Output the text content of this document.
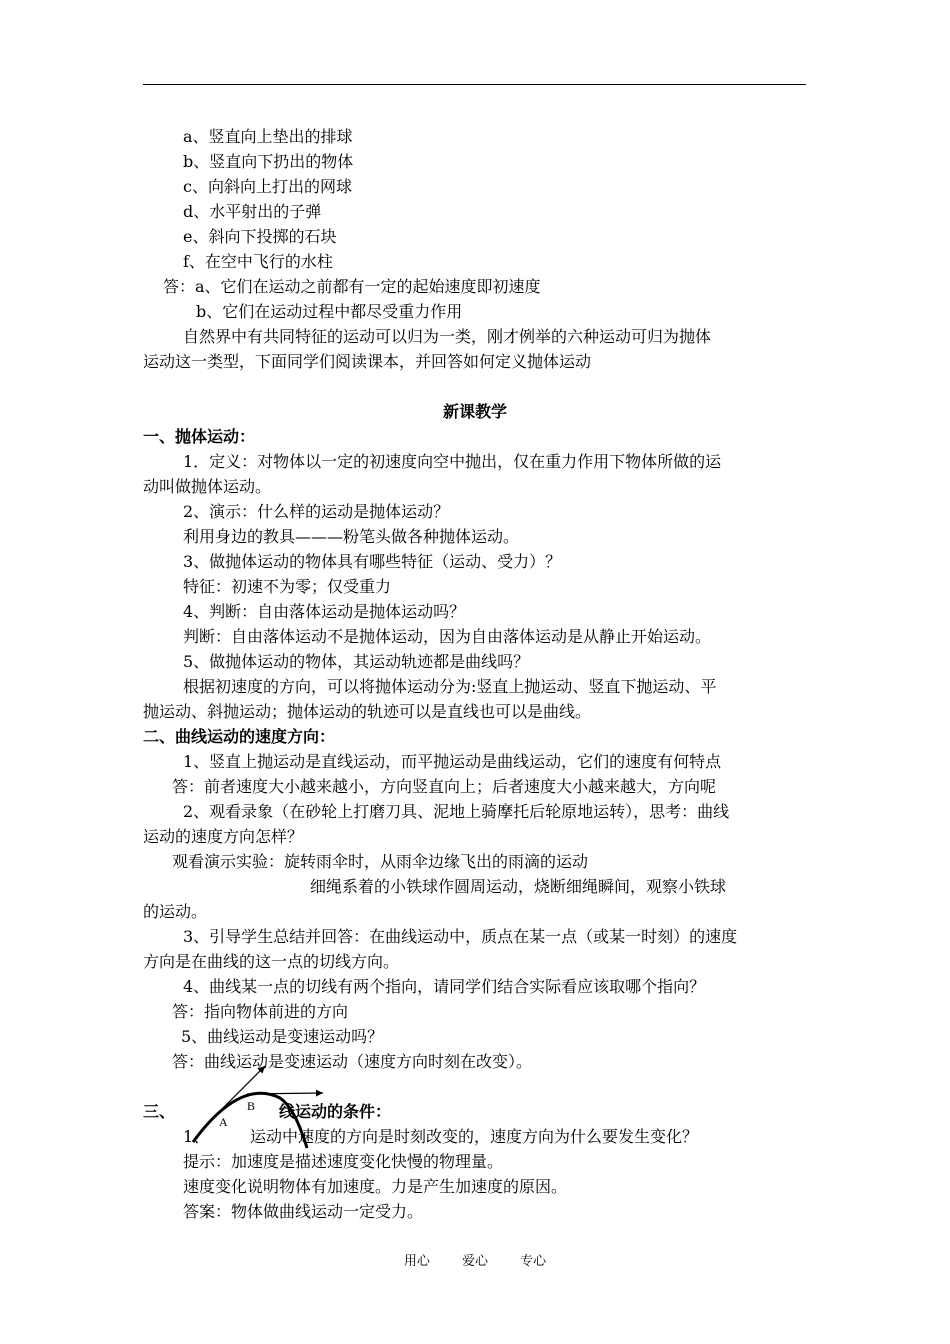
a、竖直向上垫出的排球
b、竖直向下扔出的物体
c、向斜向上打出的网球
d、水平射出的子弹
e、斜向下投掷的石块
f、在空中飞行的水柱
答：a、它们在运动之前都有一定的起始速度即初速度
b、它们在运动过程中都尽受重力作用
自然界中有共同特征的运动可以归为一类，刚才例举的六种运动可归为抛体
运动这一类型，下面同学们阅读课本，并回答如何定义抛体运动
新课教学
一、抛体运动：
1．定义：对物体以一定的初速度向空中抛出，仅在重力作用下物体所做的运
动叫做抛体运动。
2、演示：什么样的运动是抛体运动？
利用身边的教具———粉笔头做各种抛体运动。
3、做抛体运动的物体具有哪些特征（运动、受力）？
特征：初速不为零；仅受重力
4、判断：自由落体运动是抛体运动吗？
判断：自由落体运动不是抛体运动，因为自由落体运动是从静止开始运动。
5、做抛体运动的物体，其运动轨迹都是曲线吗？
根据初速度的方向，可以将抛体运动分为:竖直上抛运动、竖直下抛运动、平
抛运动、斜抛运动；抛体运动的轨迹可以是直线也可以是曲线。
二、曲线运动的速度方向：
1、竖直上抛运动是直线运动，而平抛运动是曲线运动，它们的速度有何特点
答：前者速度大小越来越小，方向竖直向上；后者速度大小越来越大，方向呢
2、观看录象（在砂轮上打磨刀具、泥地上骑摩托后轮原地运转），思考：曲线
运动的速度方向怎样？
观看演示实验：旋转雨伞时，从雨伞边缘飞出的雨滴的运动
细绳系着的小铁球作圆周运动，烧断细绳瞬间，观察小铁球
的运动。
3、引导学生总结并回答：在曲线运动中，质点在某一点（或某一时刻）的速度
方向是在曲线的这一点的切线方向。
4、曲线某一点的切线有两个指向，请同学们结合实际看应该取哪个指向？
答：指向物体前进的方向
5、曲线运动是变速运动吗？
答：曲线运动是变速运动（速度方向时刻在改变）。
三、	线运动的条件：
A
B
1、	运动中速度的方向是时刻改变的，速度方向为什么要发生变化？
提示：加速度是描述速度变化快慢的物理量。
速度变化说明物体有加速度。力是产生加速度的原因。
答案：物体做曲线运动一定受力。
用心 爱心 专心
